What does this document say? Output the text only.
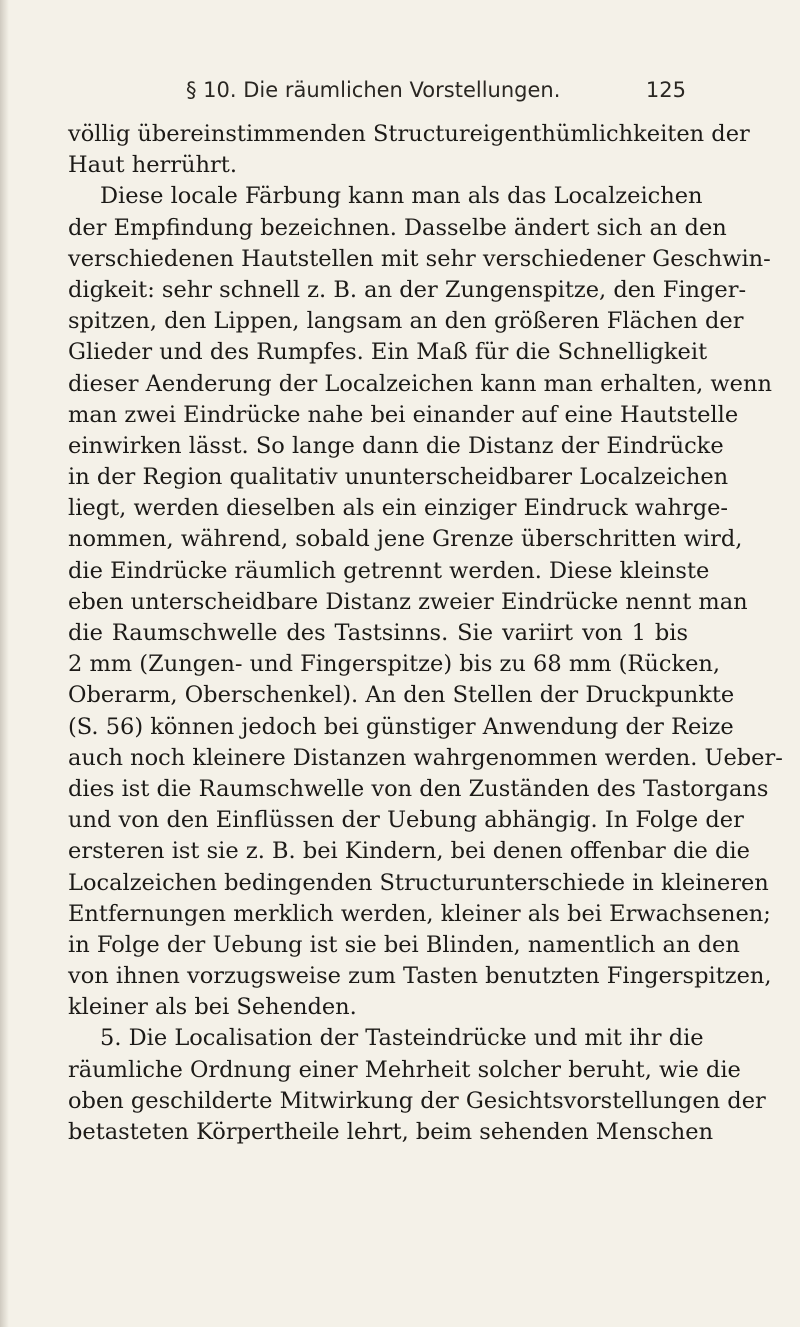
§ 10. Die räumlichen Vorstellungen.	125
völlig übereinstimmenden Structureigenthümlichkeiten der
Haut herrührt.
Diese locale Färbung kann man als das Localzeichen
der Empfindung bezeichnen. Dasselbe ändert sich an den
verschiedenen Hautstellen mit sehr verschiedener Geschwin-
digkeit: sehr schnell z. B. an der Zungenspitze, den Finger-
spitzen, den Lippen, langsam an den größeren Flächen der
Glieder und des Rumpfes. Ein Maß für die Schnelligkeit
dieser Aenderung der Localzeichen kann man erhalten, wenn
man zwei Eindrücke nahe bei einander auf eine Hautstelle
einwirken lässt. So lange dann die Distanz der Eindrücke
in der Region qualitativ ununterscheidbarer Localzeichen
liegt, werden dieselben als ein einziger Eindruck wahrge-
nommen, während, sobald jene Grenze überschritten wird,
die Eindrücke räumlich getrennt werden. Diese kleinste
eben unterscheidbare Distanz zweier Eindrücke nennt man
die Raumschwelle des Tastsinns. Sie variirt von 1 bis
2 mm (Zungen- und Fingerspitze) bis zu 68 mm (Rücken,
Oberarm, Oberschenkel). An den Stellen der Druckpunkte
(S. 56) können jedoch bei günstiger Anwendung der Reize
auch noch kleinere Distanzen wahrgenommen werden. Ueber-
dies ist die Raumschwelle von den Zuständen des Tastorgans
und von den Einflüssen der Uebung abhängig. In Folge der
ersteren ist sie z. B. bei Kindern, bei denen offenbar die die
Localzeichen bedingenden Structurunterschiede in kleineren
Entfernungen merklich werden, kleiner als bei Erwachsenen;
in Folge der Uebung ist sie bei Blinden, namentlich an den
von ihnen vorzugsweise zum Tasten benutzten Fingerspitzen,
kleiner als bei Sehenden.
5. Die Localisation der Tasteindrücke und mit ihr die
räumliche Ordnung einer Mehrheit solcher beruht, wie die
oben geschilderte Mitwirkung der Gesichtsvorstellungen der
betasteten Körpertheile lehrt, beim sehenden Menschen
